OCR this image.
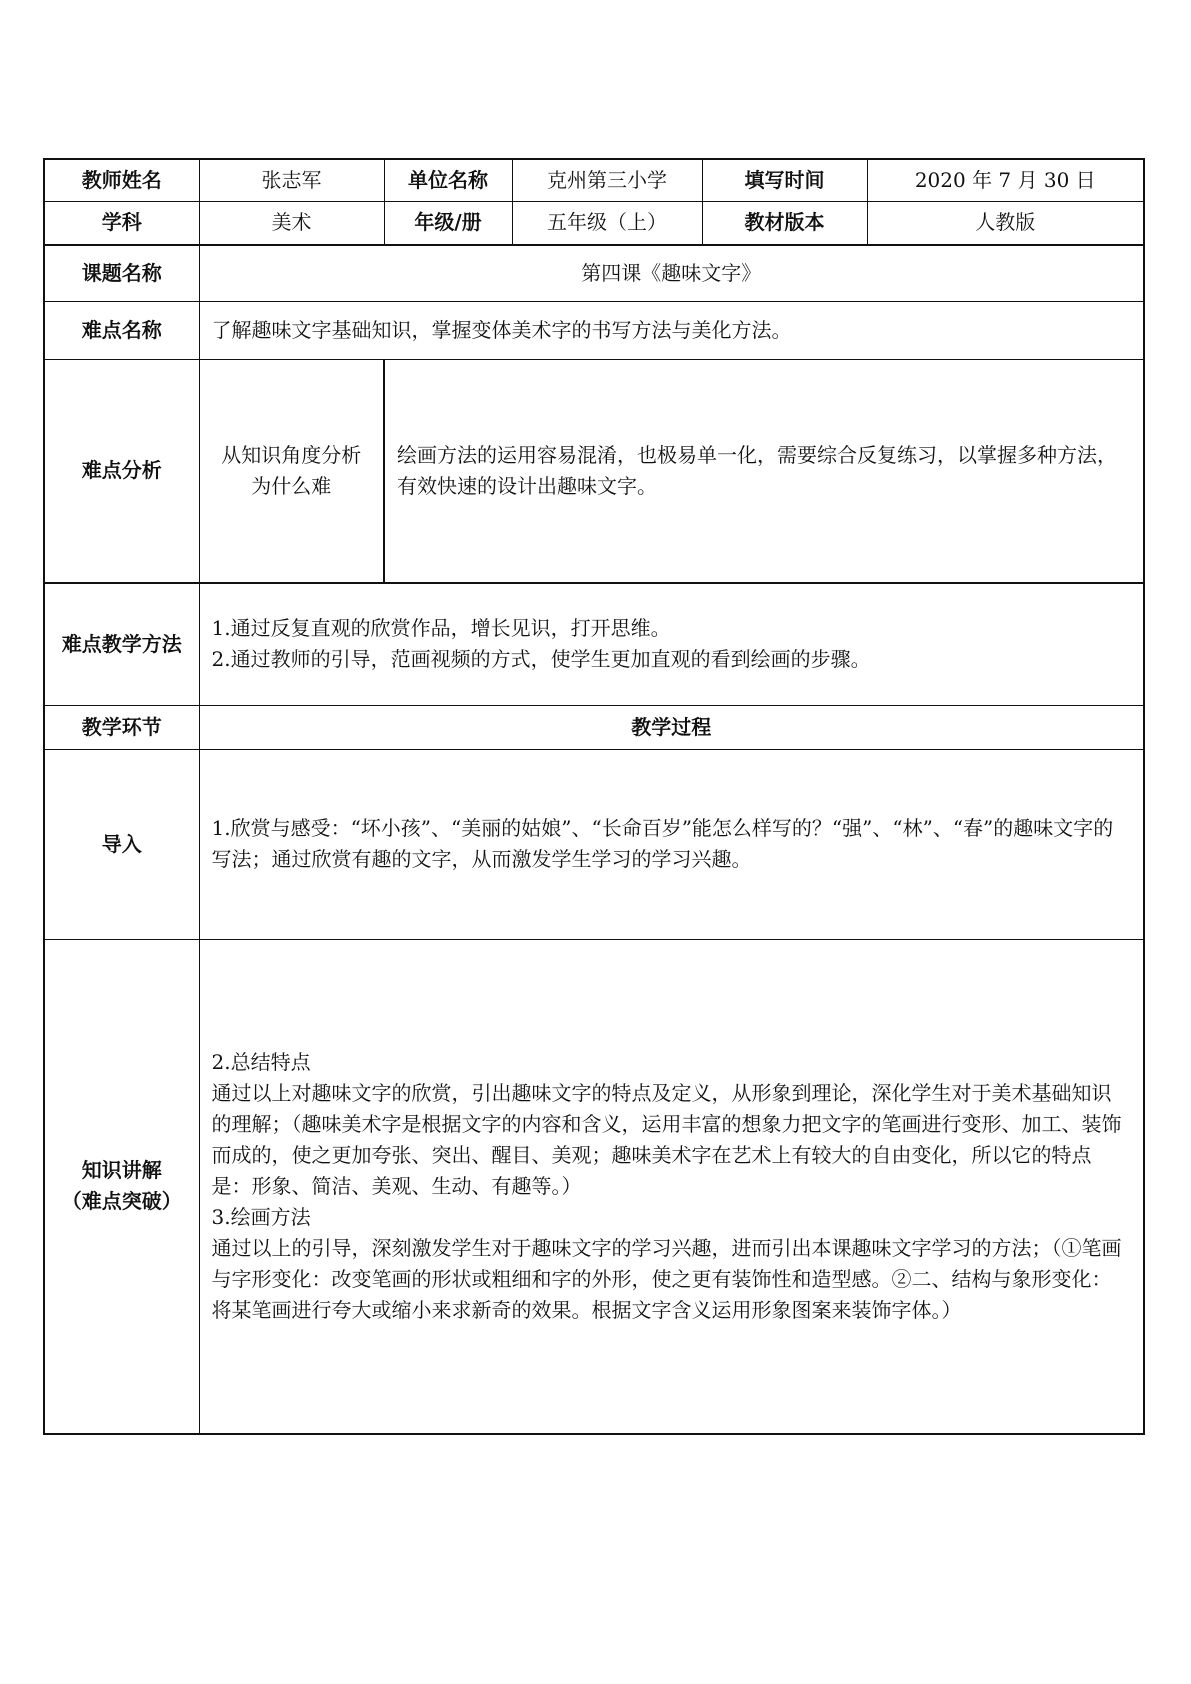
教师姓名	张志军	单位名称	克州第三小学	填写时间	2020 年 7 月 30 日
学科	美术	年级/册	五年级（上）	教材版本	人教版
课题名称	第四课《趣味文字》				
难点名称	了解趣味文字基础知识，掌握变体美术字的书写方法与美化方法。				
难点分析	从知识角度分析为什么难	绘画方法的运用容易混淆，也极易单一化，需要综合反复练习，以掌握多种方法，有效快速的设计出趣味文字。			
难点教学方法	1.通过反复直观的欣赏作品，增长见识，打开思维。
2.通过教师的引导，范画视频的方式，使学生更加直观的看到绘画的步骤。				

教学环节	教学过程				
导入	1.欣赏与感受：“坏小孩”、“美丽的姑娘”、“长命百岁”能怎么样写的？“强”、“林”、“春”的趣味文字的写法；通过欣赏有趣的文字，从而激发学生学习的学习兴趣。				

知识讲解
（难点突破）	2.总结特点
通过以上对趣味文字的欣赏，引出趣味文字的特点及定义，从形象到理论，深化学生对于美术基础知识的理解；（趣味美术字是根据文字的内容和含义，运用丰富的想象力把文字的笔画进行变形、加工、装饰而成的，使之更加夸张、突出、醒目、美观；趣味美术字在艺术上有较大的自由变化，所以它的特点是：形象、简洁、美观、生动、有趣等。）
3.绘画方法
通过以上的引导，深刻激发学生对于趣味文字的学习兴趣，进而引出本课趣味文字学习的方法；（①笔画与字形变化：改变笔画的形状或粗细和字的外形，使之更有装饰性和造型感。②二、结构与象形变化：将某笔画进行夸大或缩小来求新奇的效果。根据文字含义运用形象图案来装饰字体。）				
